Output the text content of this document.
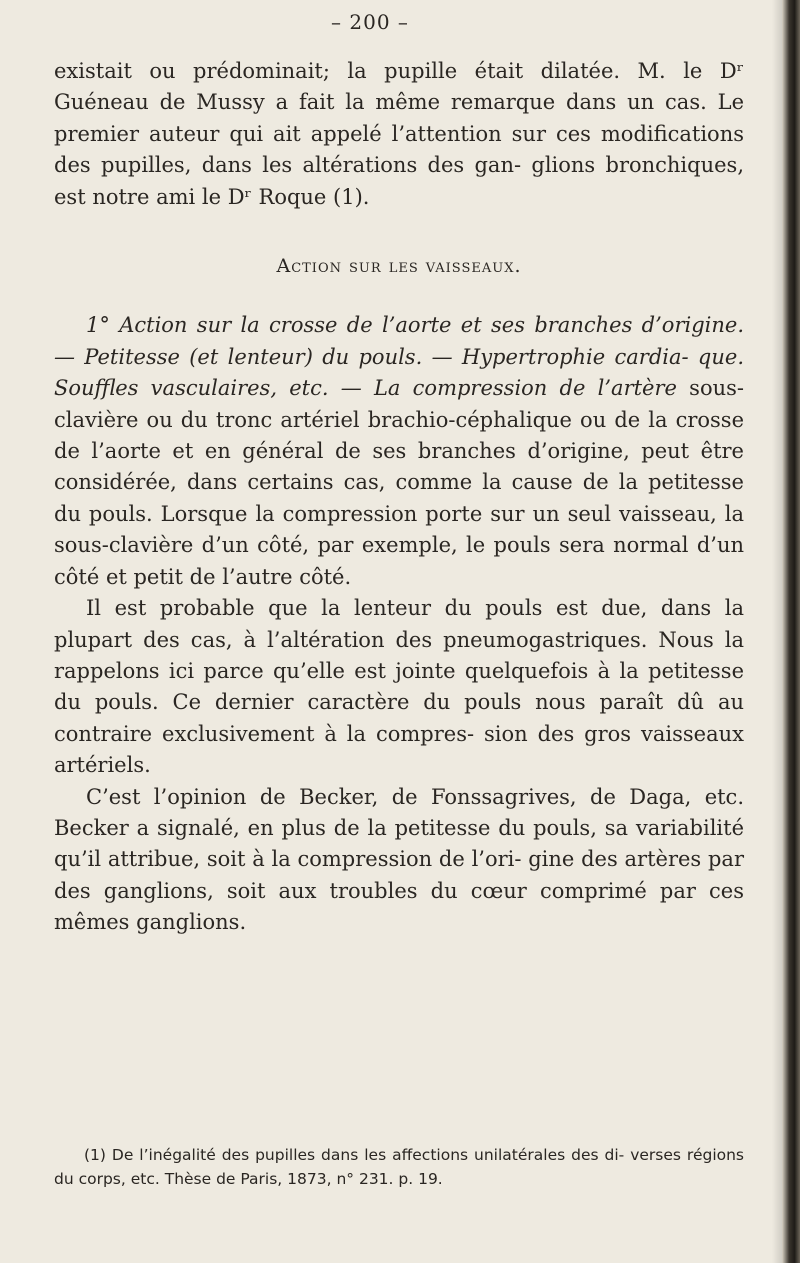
– 200 –

existait ou prédominait; la pupille était dilatée. M. le Dʳ Guéneau de Mussy a fait la même remarque dans un cas. Le premier auteur qui ait appelé l’attention sur ces modifications des pupilles, dans les altérations des gan- glions bronchiques, est notre ami le Dʳ Roque (1).

Action sur les vaisseaux.

1° Action sur la crosse de l’aorte et ses branches d’origine. — Petitesse (et lenteur) du pouls. — Hypertrophie cardia- que. Souffles vasculaires, etc. — La compression de l’artère sous-clavière ou du tronc artériel brachio-céphalique ou de la crosse de l’aorte et en général de ses branches d’origine, peut être considérée, dans certains cas, comme la cause de la petitesse du pouls. Lorsque la compression porte sur un seul vaisseau, la sous-clavière d’un côté, par exemple, le pouls sera normal d’un côté et petit de l’autre côté.

Il est probable que la lenteur du pouls est due, dans la plupart des cas, à l’altération des pneumogastriques. Nous la rappelons ici parce qu’elle est jointe quelquefois à la petitesse du pouls. Ce dernier caractère du pouls nous paraît dû au contraire exclusivement à la compres- sion des gros vaisseaux artériels.

C’est l’opinion de Becker, de Fonssagrives, de Daga, etc. Becker a signalé, en plus de la petitesse du pouls, sa variabilité qu’il attribue, soit à la compression de l’ori- gine des artères par des ganglions, soit aux troubles du cœur comprimé par ces mêmes ganglions.

(1) De l’inégalité des pupilles dans les affections unilatérales des di- verses régions du corps, etc. Thèse de Paris, 1873, n° 231. p. 19.
